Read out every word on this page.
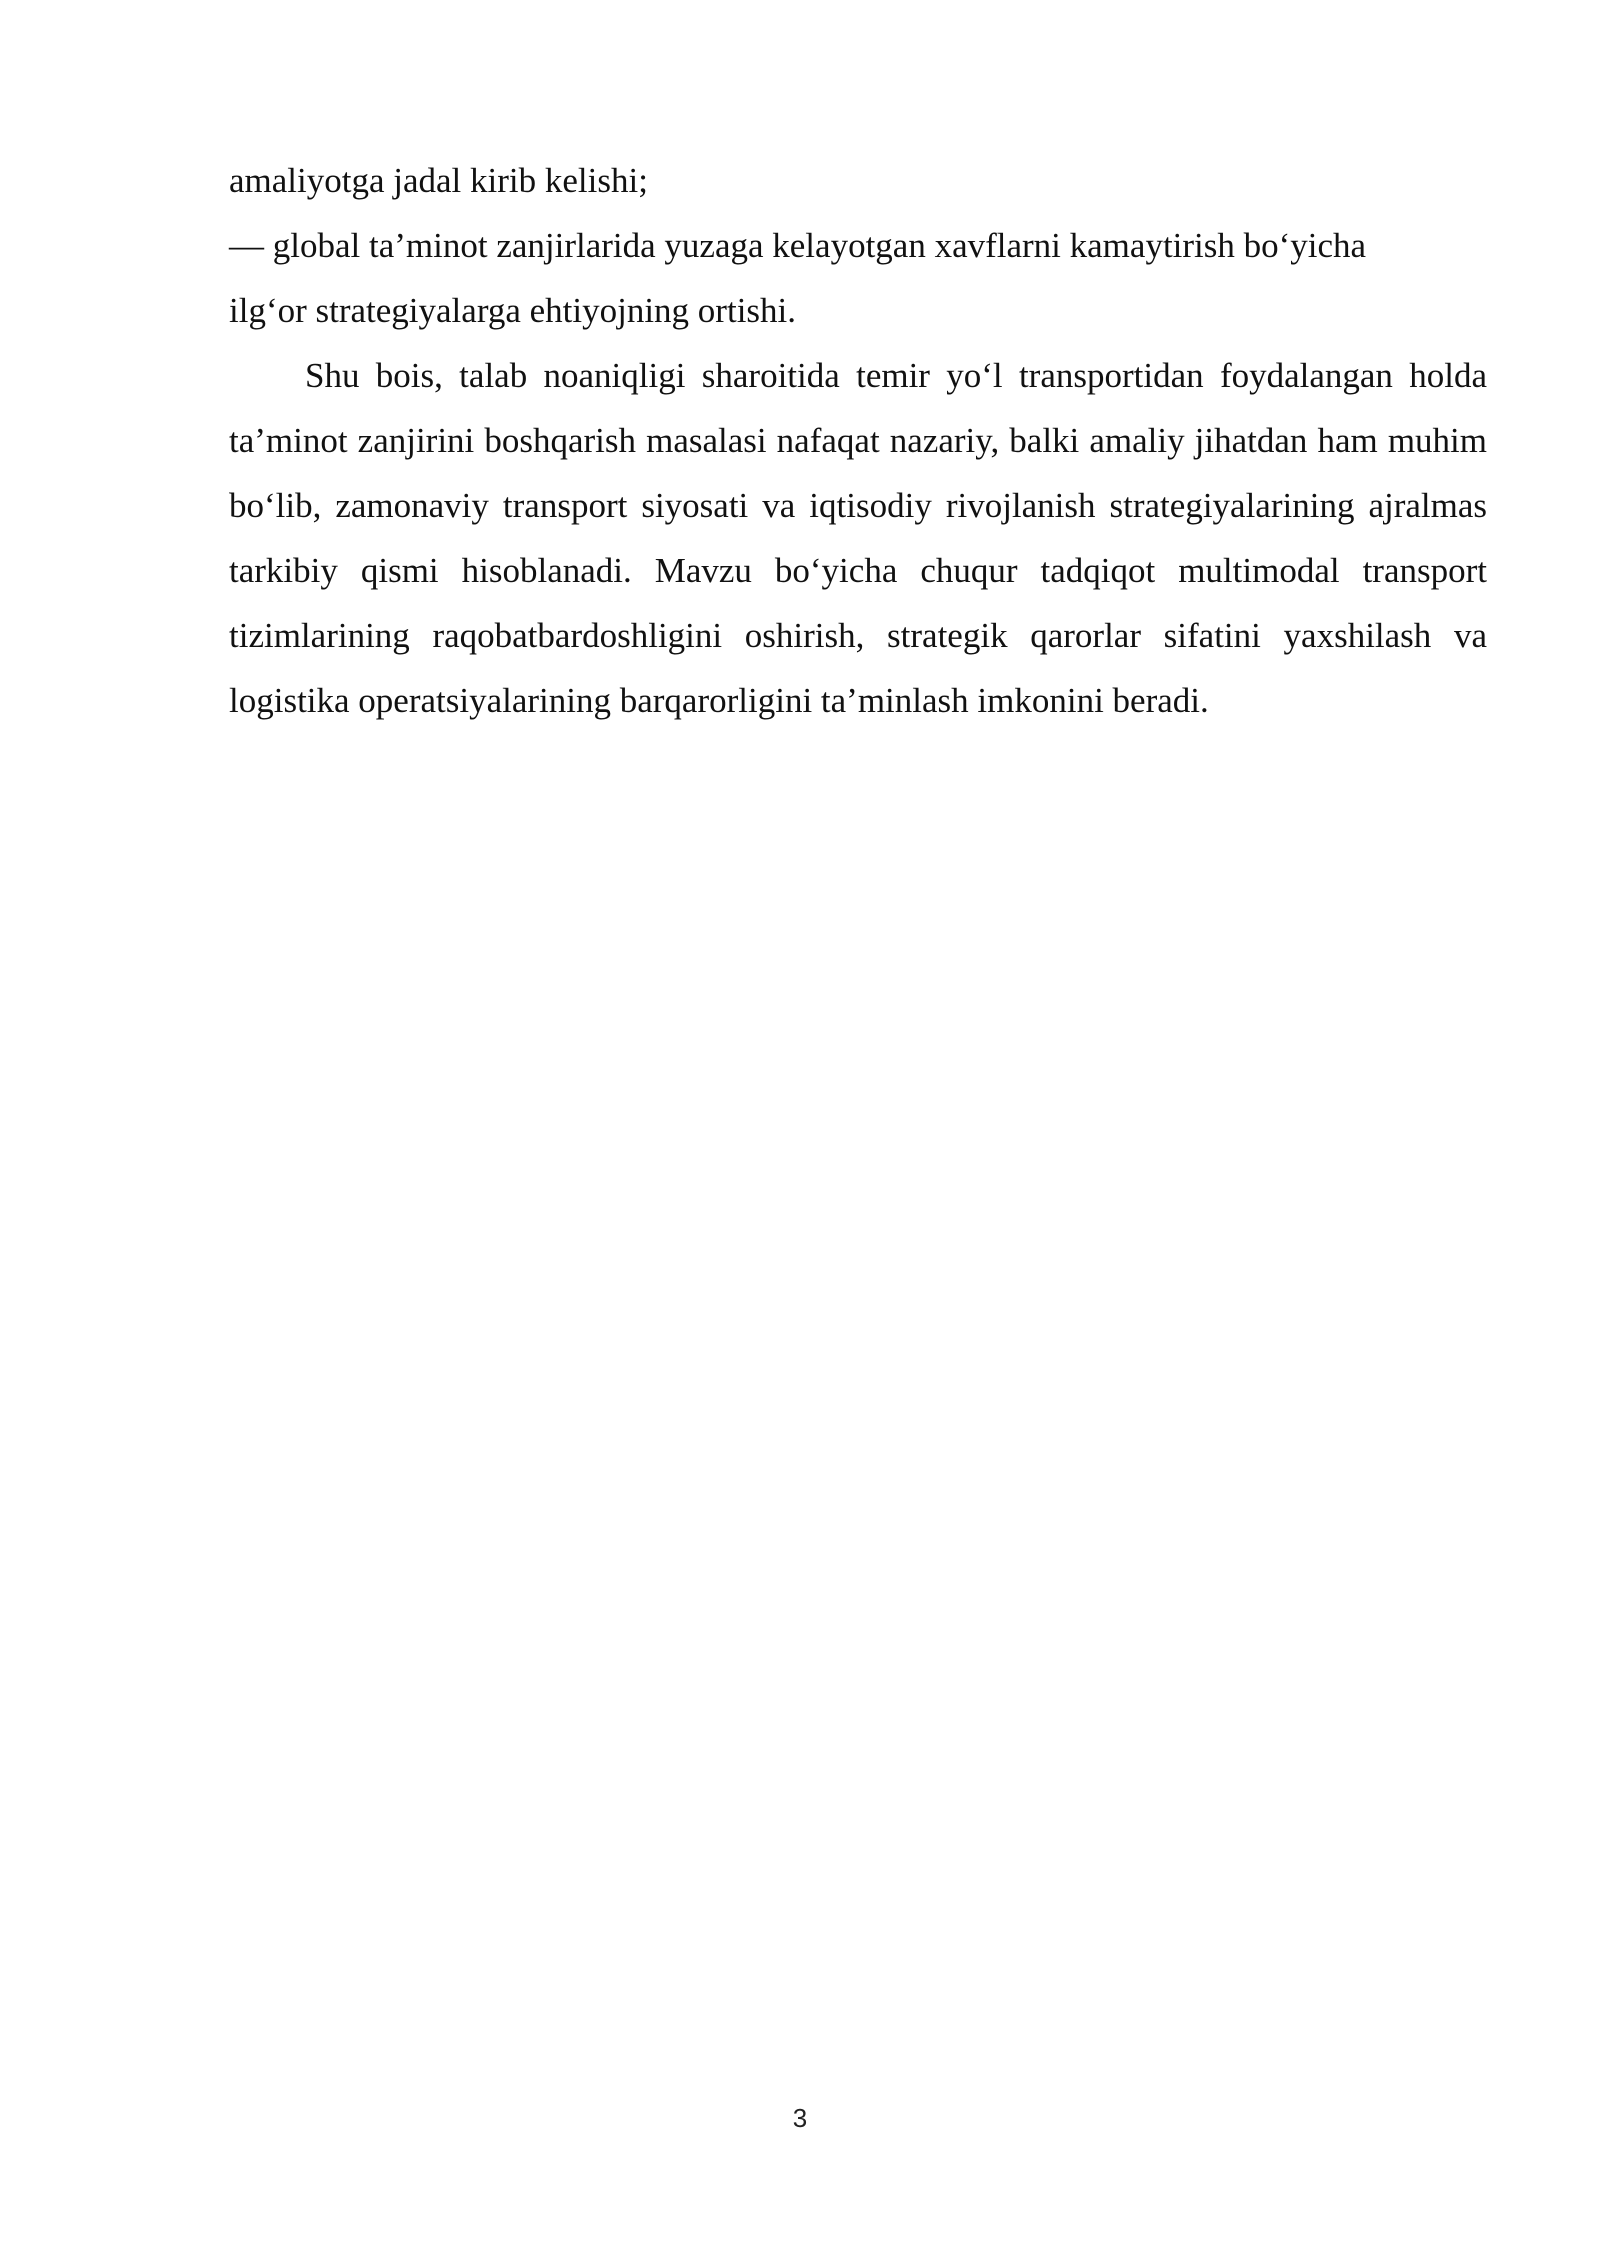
amaliyotga jadal kirib kelishi;
— global ta’minot zanjirlarida yuzaga kelayotgan xavflarni kamaytirish bo‘yicha
ilg‘or strategiyalarga ehtiyojning ortishi.

Shu bois, talab noaniqligi sharoitida temir yo‘l transportidan foydalangan holda ta’minot zanjirini boshqarish masalasi nafaqat nazariy, balki amaliy jihatdan ham muhim bo‘lib, zamonaviy transport siyosati va iqtisodiy rivojlanish strategiyalarining ajralmas tarkibiy qismi hisoblanadi. Mavzu bo‘yicha chuqur tadqiqot multimodal transport tizimlarining raqobatbardoshligini oshirish, strategik qarorlar sifatini yaxshilash va logistika operatsiyalarining barqarorligini ta’minlash imkonini beradi.

3
